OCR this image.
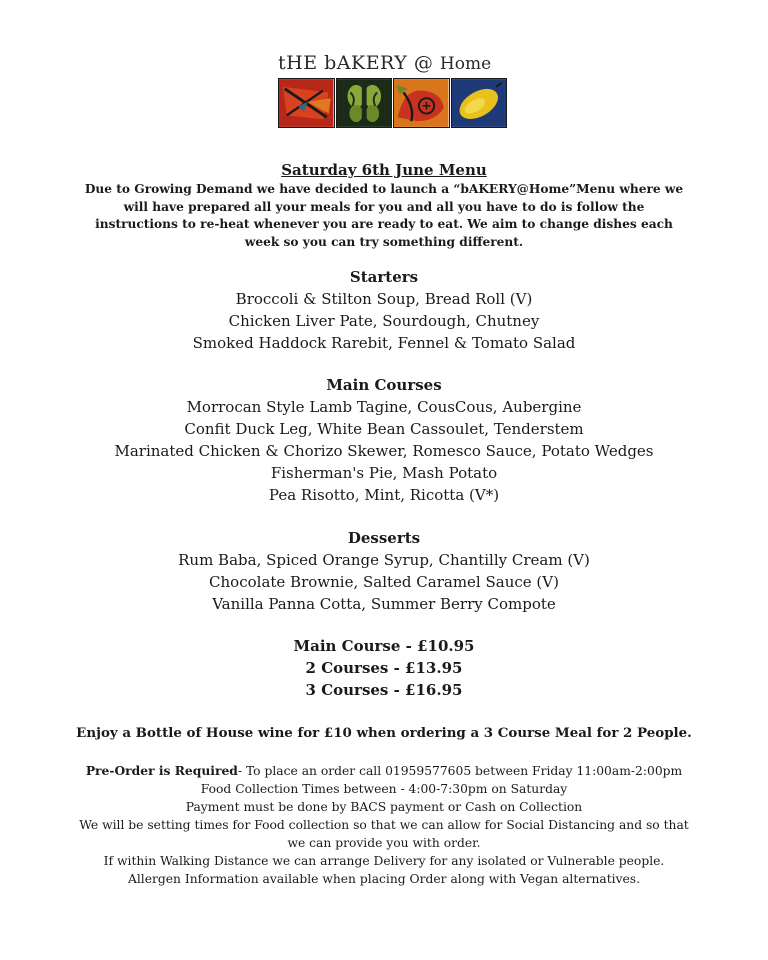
tHE bAKERY @ Home
Saturday 6th June Menu
Due to Growing Demand we have decided to launch a “bAKERY@Home”Menu where we will have prepared all your meals for you and all you have to do is follow the instructions to re-heat whenever you are ready to eat. We aim to change dishes each week so you can try something different.
Starters
Broccoli & Stilton Soup, Bread Roll (V)
Chicken Liver Pate, Sourdough, Chutney
Smoked Haddock Rarebit, Fennel & Tomato Salad
Main Courses
Morrocan Style Lamb Tagine, CousCous, Aubergine
Confit Duck Leg, White Bean Cassoulet, Tenderstem
Marinated Chicken & Chorizo Skewer, Romesco Sauce, Potato Wedges
Fisherman's Pie, Mash Potato
Pea Risotto, Mint, Ricotta (V*)
Desserts
Rum Baba, Spiced Orange Syrup, Chantilly Cream (V)
Chocolate Brownie, Salted Caramel Sauce (V)
Vanilla Panna Cotta, Summer Berry Compote
Main Course - £10.95
2 Courses - £13.95
3 Courses - £16.95
Enjoy a Bottle of House wine for £10 when ordering a 3 Course Meal for 2 People.
Pre-Order is Required- To place an order call 01959577605 between Friday 11:00am-2:00pm
Food Collection Times between - 4:00-7:30pm on Saturday
Payment must be done by BACS payment or Cash on Collection
We will be setting times for Food collection so that we can allow for Social Distancing and so that we can provide you with order.
If within Walking Distance we can arrange Delivery for any isolated or Vulnerable people.
Allergen Information available when placing Order along with Vegan alternatives.
